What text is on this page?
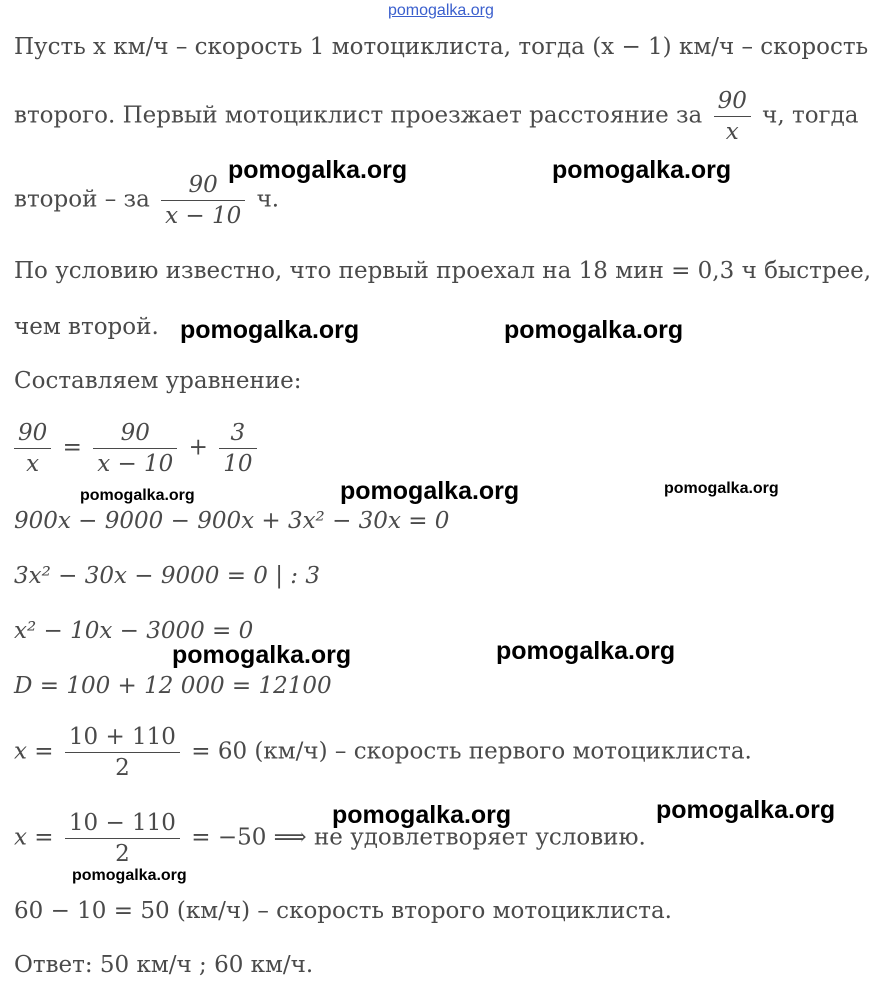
pomogalka.org
pomogalka.org	pomogalka.org
pomogalka.org	pomogalka.org
pomogalka.org	pomogalka.org	pomogalka.org
pomogalka.org	pomogalka.org
pomogalka.org	pomogalka.org
pomogalka.org
Пусть x км/ч – скорость 1 мотоциклиста, тогда (x − 1) км/ч – скорость
второго. Первый мотоциклист проезжает расстояние за $\frac{90}{x} ч$, тогда
второй – за $\frac{90}{x - 10} ч$.
По условию известно, что первый проехал на 18 мин = 0,3 ч быстрее,
чем второй.
Составляем уравнение:
$\frac{90}{x} = \frac{90}{x - 10} + \frac{3}{10}$
900x − 9000 − 900x + 3x² − 30x = 0
3x² − 30x − 9000 = 0 | : 3
x² − 10x − 3000 = 0
D = 100 + 12 000 = 12100
$x = \frac{10 + 110}{2} = 60$ (км/ч) – скорость первого мотоциклиста.
$x = \frac{10 - 110}{2} = -50$ ⟹ не удовлетворяет условию.
60 − 10 = 50 (км/ч) – скорость второго мотоциклиста.
Ответ: 50 км/ч ; 60 км/ч.
